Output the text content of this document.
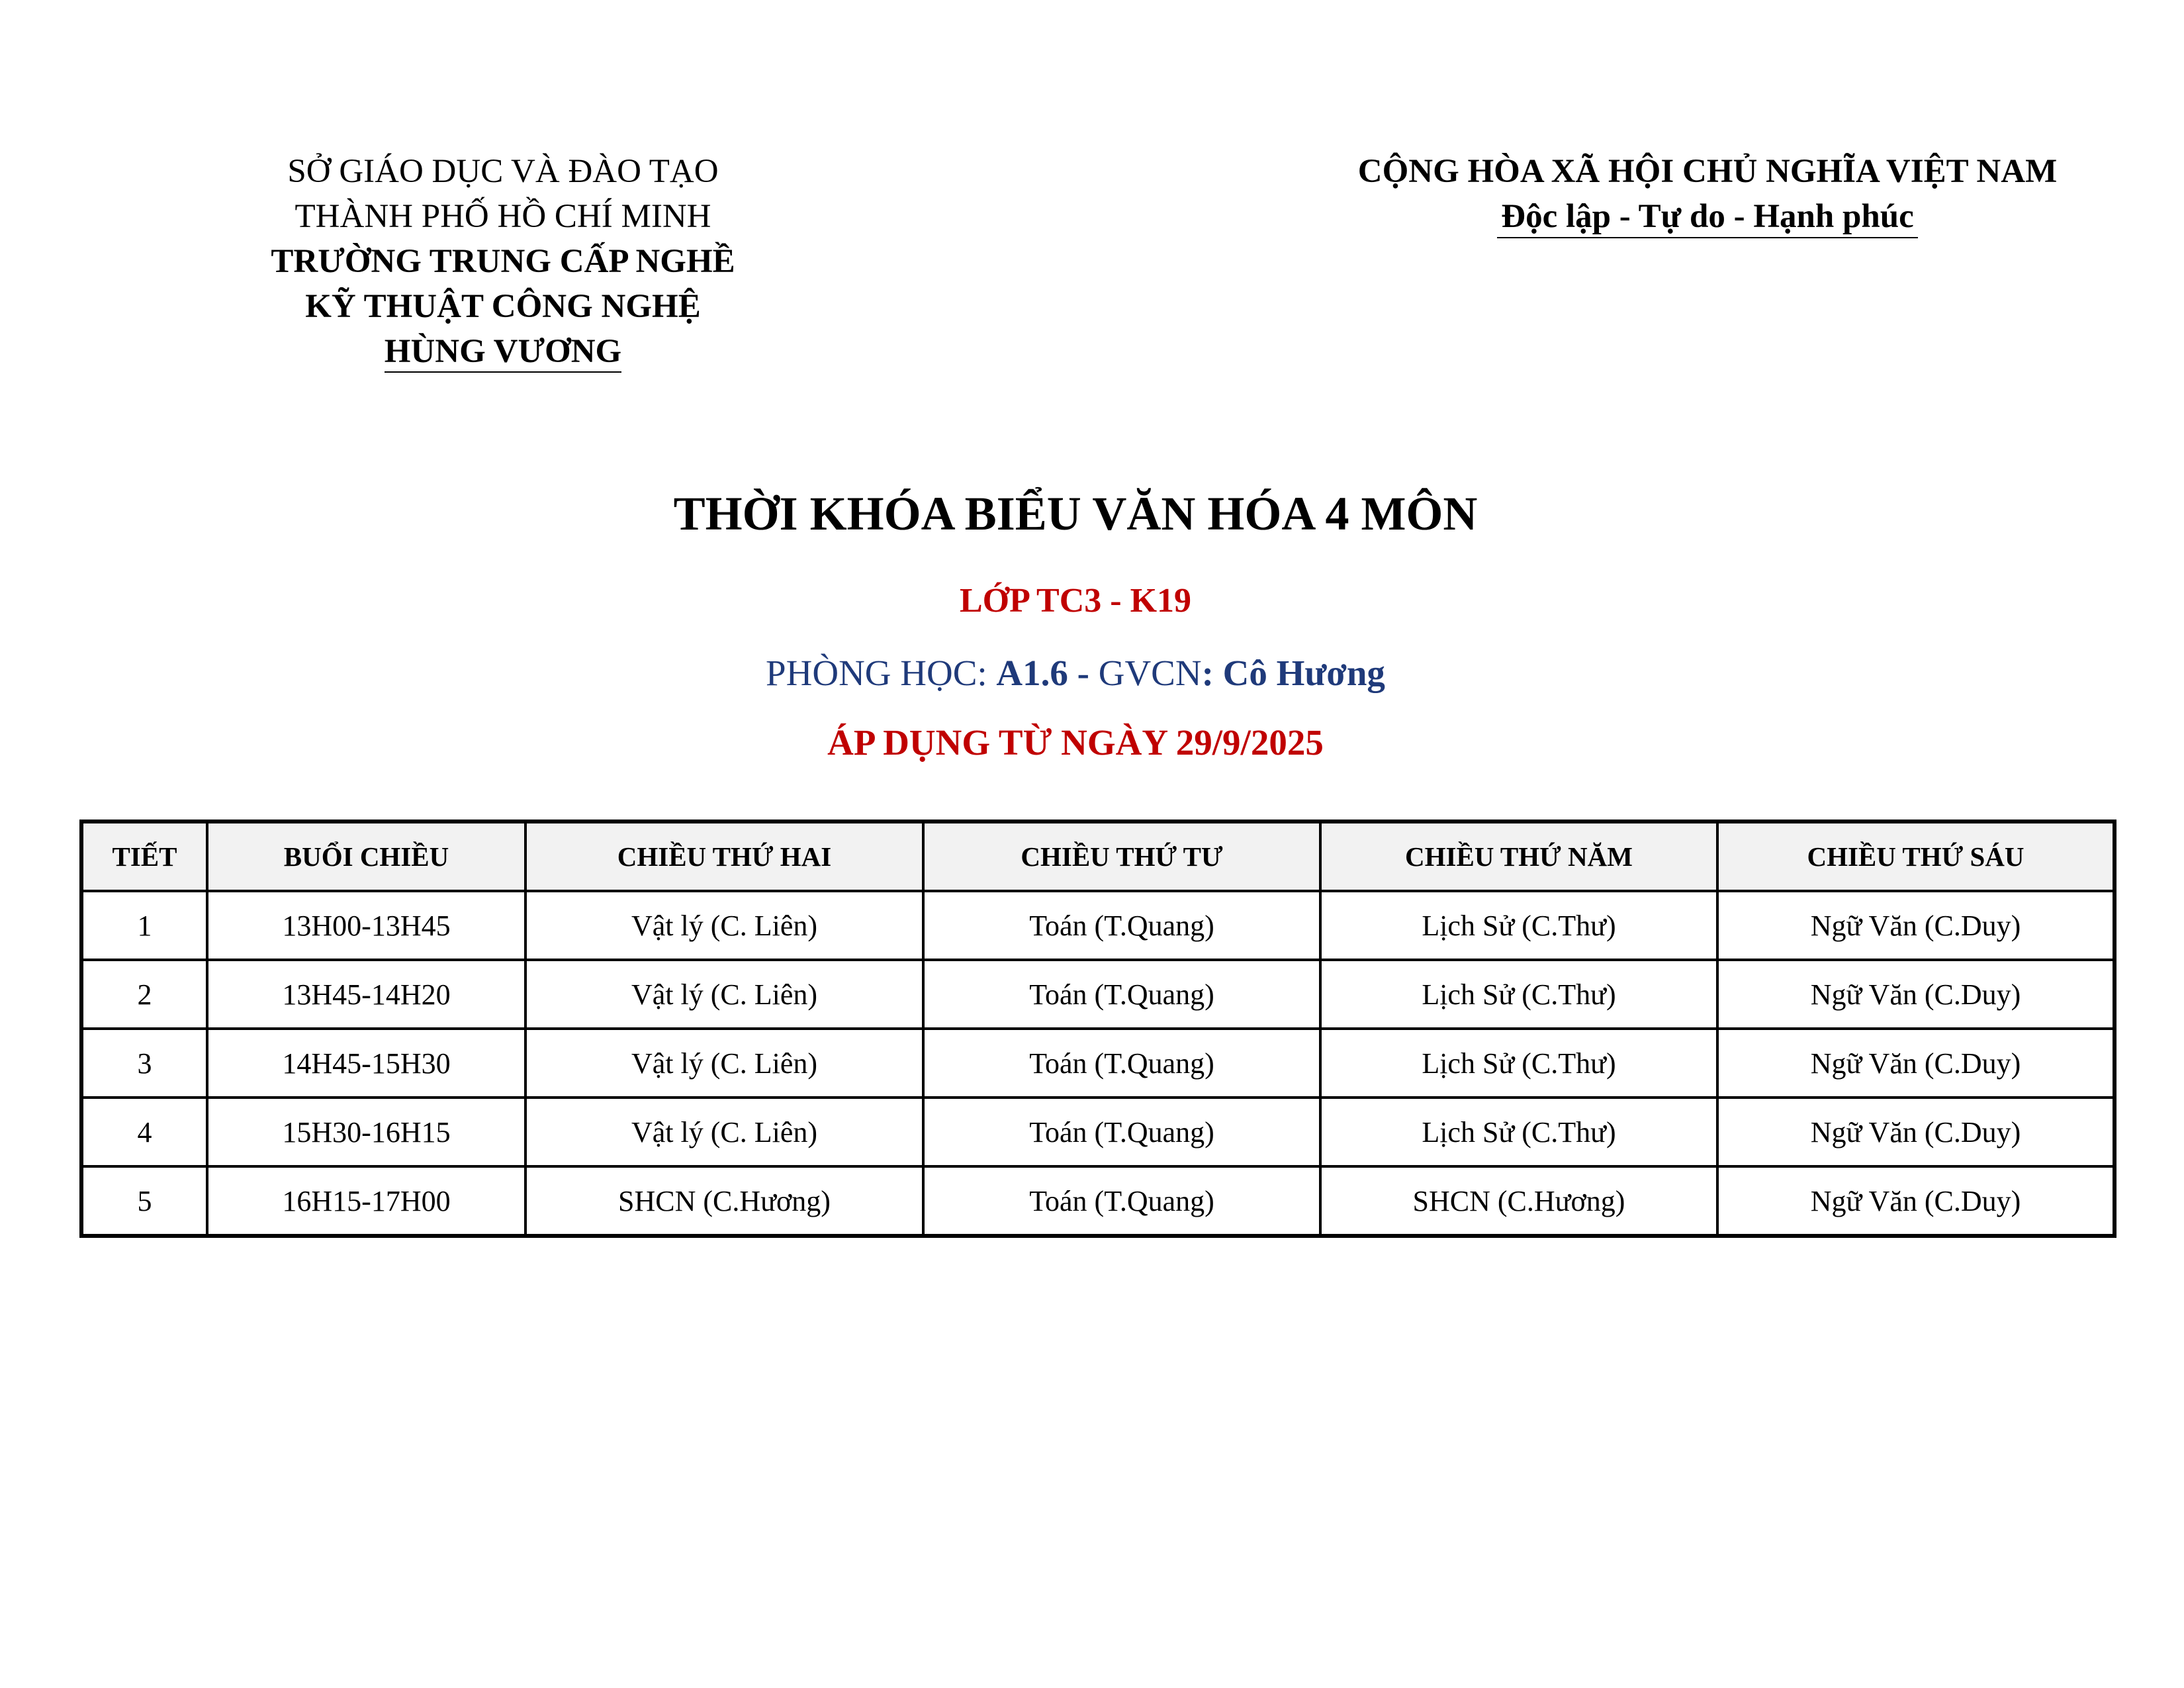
SỞ GIÁO DỤC VÀ ĐÀO TẠO
THÀNH PHỐ HỒ CHÍ MINH
TRƯỜNG TRUNG CẤP NGHỀ
KỸ THUẬT CÔNG NGHỆ
HÙNG VƯƠNG
CỘNG HÒA XÃ HỘI CHỦ NGHĨA VIỆT NAM
Độc lập - Tự do - Hạnh phúc
THỜI KHÓA BIỂU VĂN HÓA 4 MÔN
LỚP TC3 - K19
PHÒNG HỌC: A1.6 - GVCN: Cô Hương
ÁP DỤNG TỪ NGÀY 29/9/2025
TIẾT	BUỔI CHIỀU	CHIỀU THỨ HAI	CHIỀU THỨ TƯ	CHIỀU THỨ NĂM	CHIỀU THỨ SÁU
1	13H00-13H45	Vật lý (C. Liên)	Toán (T.Quang)	Lịch Sử (C.Thư)	Ngữ Văn (C.Duy)
2	13H45-14H20	Vật lý (C. Liên)	Toán (T.Quang)	Lịch Sử (C.Thư)	Ngữ Văn (C.Duy)
3	14H45-15H30	Vật lý (C. Liên)	Toán (T.Quang)	Lịch Sử (C.Thư)	Ngữ Văn (C.Duy)
4	15H30-16H15	Vật lý (C. Liên)	Toán (T.Quang)	Lịch Sử (C.Thư)	Ngữ Văn (C.Duy)
5	16H15-17H00	SHCN (C.Hương)	Toán (T.Quang)	SHCN (C.Hương)	Ngữ Văn (C.Duy)
